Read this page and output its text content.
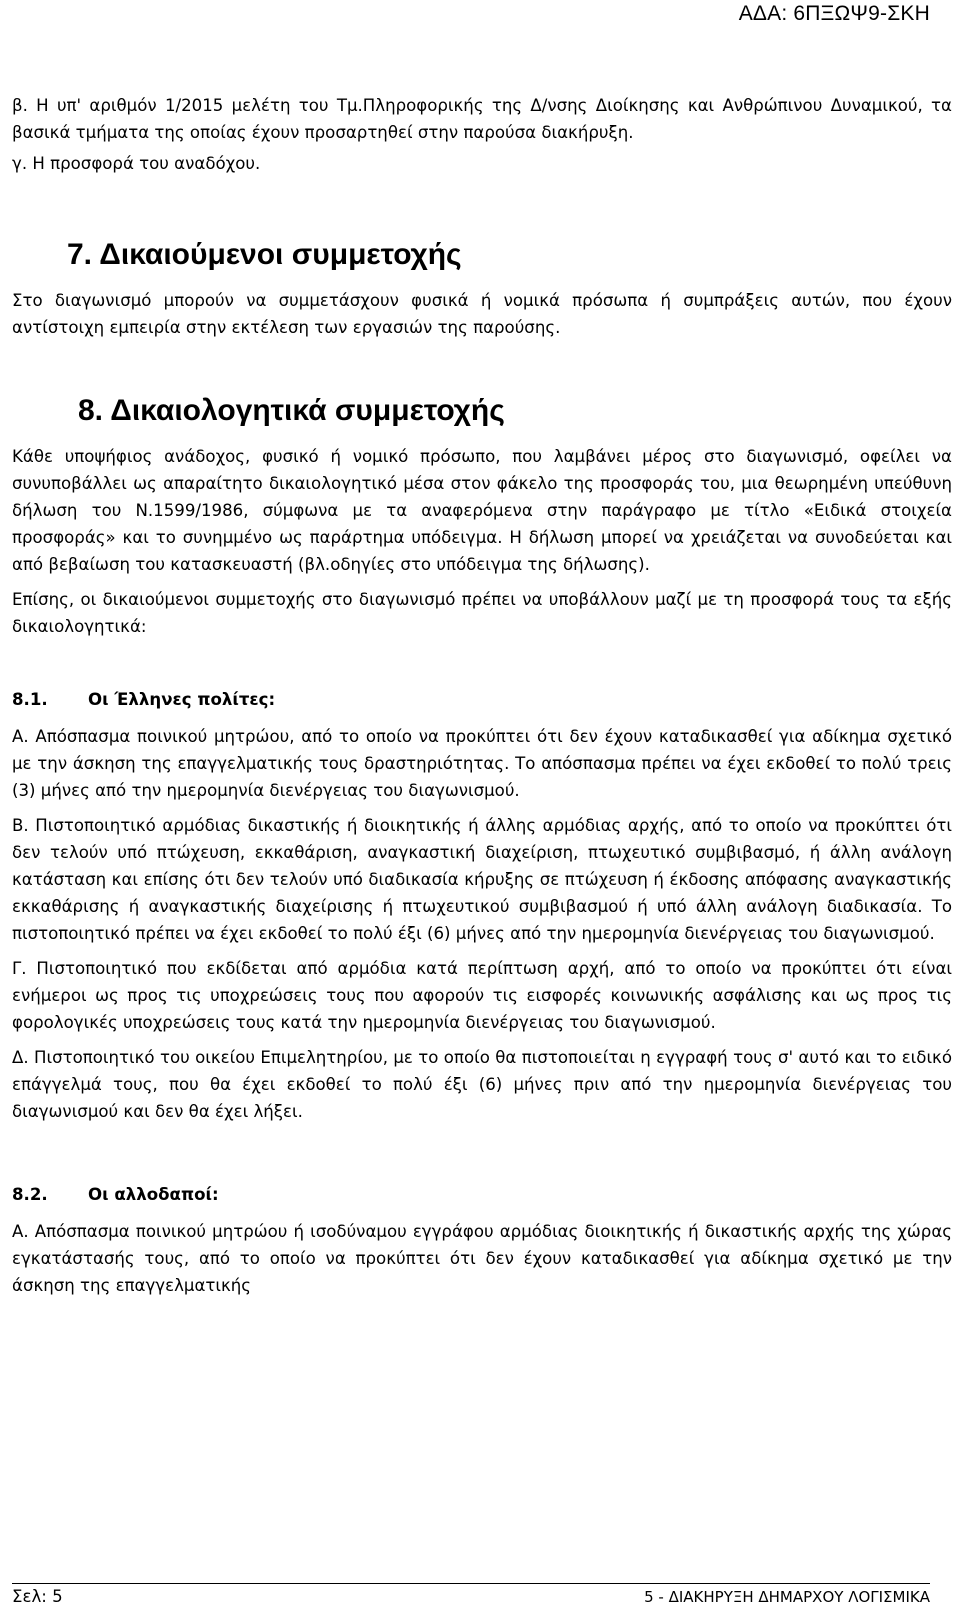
ΑΔΑ: 6ΠΞΩΨ9-ΣΚΗ

β. Η υπ' αριθμόν 1/2015 μελέτη του Τμ.Πληροφορικής της Δ/νσης Διοίκησης και Ανθρώπινου Δυναμικού, τα βασικά τμήματα της οποίας έχουν προσαρτηθεί στην παρούσα διακήρυξη.

γ. Η προσφορά του αναδόχου.

7. Δικαιούμενοι συμμετοχής

Στο διαγωνισμό μπορούν να συμμετάσχουν φυσικά ή νομικά πρόσωπα ή συμπράξεις αυτών, που έχουν αντίστοιχη εμπειρία στην εκτέλεση των εργασιών της παρούσης.

8. Δικαιολογητικά συμμετοχής

Κάθε υποψήφιος ανάδοχος, φυσικό ή νομικό πρόσωπο, που λαμβάνει μέρος στο διαγωνισμό, οφείλει να συνυποβάλλει ως απαραίτητο δικαιολογητικό μέσα στον φάκελο της προσφοράς του, μια θεωρημένη υπεύθυνη δήλωση του Ν.1599/1986, σύμφωνα με τα αναφερόμενα στην παράγραφο με τίτλο «Ειδικά στοιχεία προσφοράς» και το συνημμένο ως παράρτημα υπόδειγμα. Η δήλωση μπορεί να χρειάζεται να συνοδεύεται και από βεβαίωση του κατασκευαστή (βλ.οδηγίες στο υπόδειγμα της δήλωσης).

Επίσης, οι δικαιούμενοι συμμετοχής στο διαγωνισμό πρέπει να υποβάλλουν μαζί με τη προσφορά τους τα εξής δικαιολογητικά:

8.1. Οι Έλληνες πολίτες:

Α. Απόσπασμα ποινικού μητρώου, από το οποίο να προκύπτει ότι δεν έχουν καταδικασθεί για αδίκημα σχετικό με την άσκηση της επαγγελματικής τους δραστηριότητας. Το απόσπασμα πρέπει να έχει εκδοθεί το πολύ τρεις (3) μήνες από την ημερομηνία διενέργειας του διαγωνισμού.

Β. Πιστοποιητικό αρμόδιας δικαστικής ή διοικητικής ή άλλης αρμόδιας αρχής, από το οποίο να προκύπτει ότι δεν τελούν υπό πτώχευση, εκκαθάριση, αναγκαστική διαχείριση, πτωχευτικό συμβιβασμό, ή άλλη ανάλογη κατάσταση και επίσης ότι δεν τελούν υπό διαδικασία κήρυξης σε πτώχευση ή έκδοσης απόφασης αναγκαστικής εκκαθάρισης ή αναγκαστικής διαχείρισης ή πτωχευτικού συμβιβασμού ή υπό άλλη ανάλογη διαδικασία. Το πιστοποιητικό πρέπει να έχει εκδοθεί το πολύ έξι (6) μήνες από την ημερομηνία διενέργειας του διαγωνισμού.

Γ. Πιστοποιητικό που εκδίδεται από αρμόδια κατά περίπτωση αρχή, από το οποίο να προκύπτει ότι είναι ενήμεροι ως προς τις υποχρεώσεις τους που αφορούν τις εισφορές κοινωνικής ασφάλισης και ως προς τις φορολογικές υποχρεώσεις τους κατά την ημερομηνία διενέργειας του διαγωνισμού.

Δ. Πιστοποιητικό του οικείου Επιμελητηρίου, με το οποίο θα πιστοποιείται η εγγραφή τους σ' αυτό και το ειδικό επάγγελμά τους, που θα έχει εκδοθεί το πολύ έξι (6) μήνες πριν από την ημερομηνία διενέργειας του διαγωνισμού και δεν θα έχει λήξει.

8.2. Οι αλλοδαποί:

Α. Απόσπασμα ποινικού μητρώου ή ισοδύναμου εγγράφου αρμόδιας διοικητικής ή δικαστικής αρχής της χώρας εγκατάστασής τους, από το οποίο να προκύπτει ότι δεν έχουν καταδικασθεί για αδίκημα σχετικό με την άσκηση της επαγγελματικής

Σελ: 5	5 - ΔΙΑΚΗΡΥΞΗ ΔΗΜΑΡΧΟΥ ΛΟΓΙΣΜΙΚΑ
